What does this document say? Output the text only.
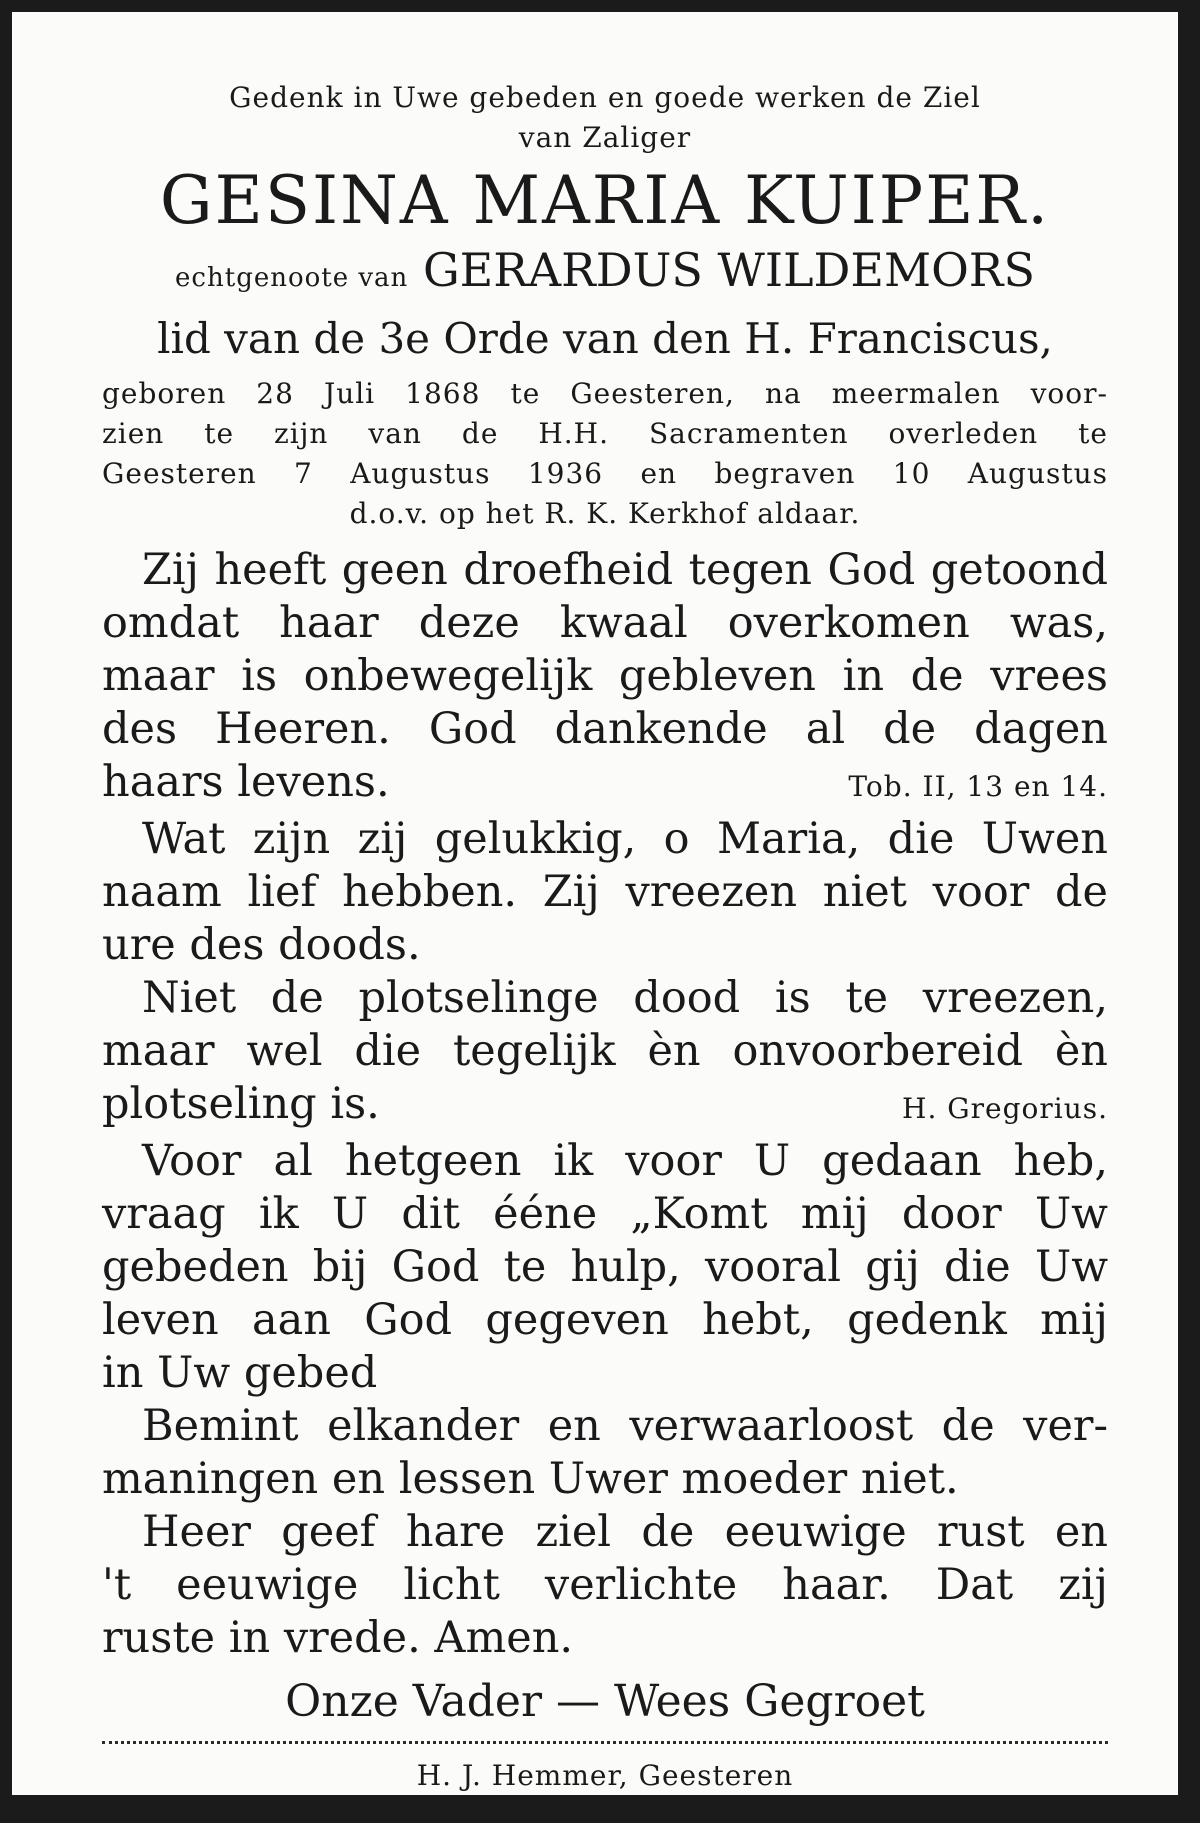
Gedenk in Uwe gebeden en goede werken de Ziel
van Zaliger
GESINA MARIA KUIPER.
echtgenoote van GERARDUS WILDEMORS
lid van de 3e Orde van den H. Franciscus,
geboren 28 Juli 1868 te Geesteren, na meermalen voor-
zien te zijn van de H.H. Sacramenten overleden te
Geesteren 7 Augustus 1936 en begraven 10 Augustus
d.o.v. op het R. K. Kerkhof aldaar.
Zij heeft geen droefheid tegen God getoond
omdat haar deze kwaal overkomen was,
maar is onbewegelijk gebleven in de vrees
des Heeren. God dankende al de dagen
haars levens.	Tob. II, 13 en 14.
Wat zijn zij gelukkig, o Maria, die Uwen
naam lief hebben. Zij vreezen niet voor de
ure des doods.
Niet de plotselinge dood is te vreezen,
maar wel die tegelijk èn onvoorbereid èn
plotseling is.	H. Gregorius.
Voor al hetgeen ik voor U gedaan heb,
vraag ik U dit ééne „Komt mij door Uw
gebeden bij God te hulp, vooral gij die Uw
leven aan God gegeven hebt, gedenk mij
in Uw gebed
Bemint elkander en verwaarloost de ver-
maningen en lessen Uwer moeder niet.
Heer geef hare ziel de eeuwige rust en
't eeuwige licht verlichte haar. Dat zij
ruste in vrede. Amen.
Onze Vader — Wees Gegroet
H. J. Hemmer, Geesteren
